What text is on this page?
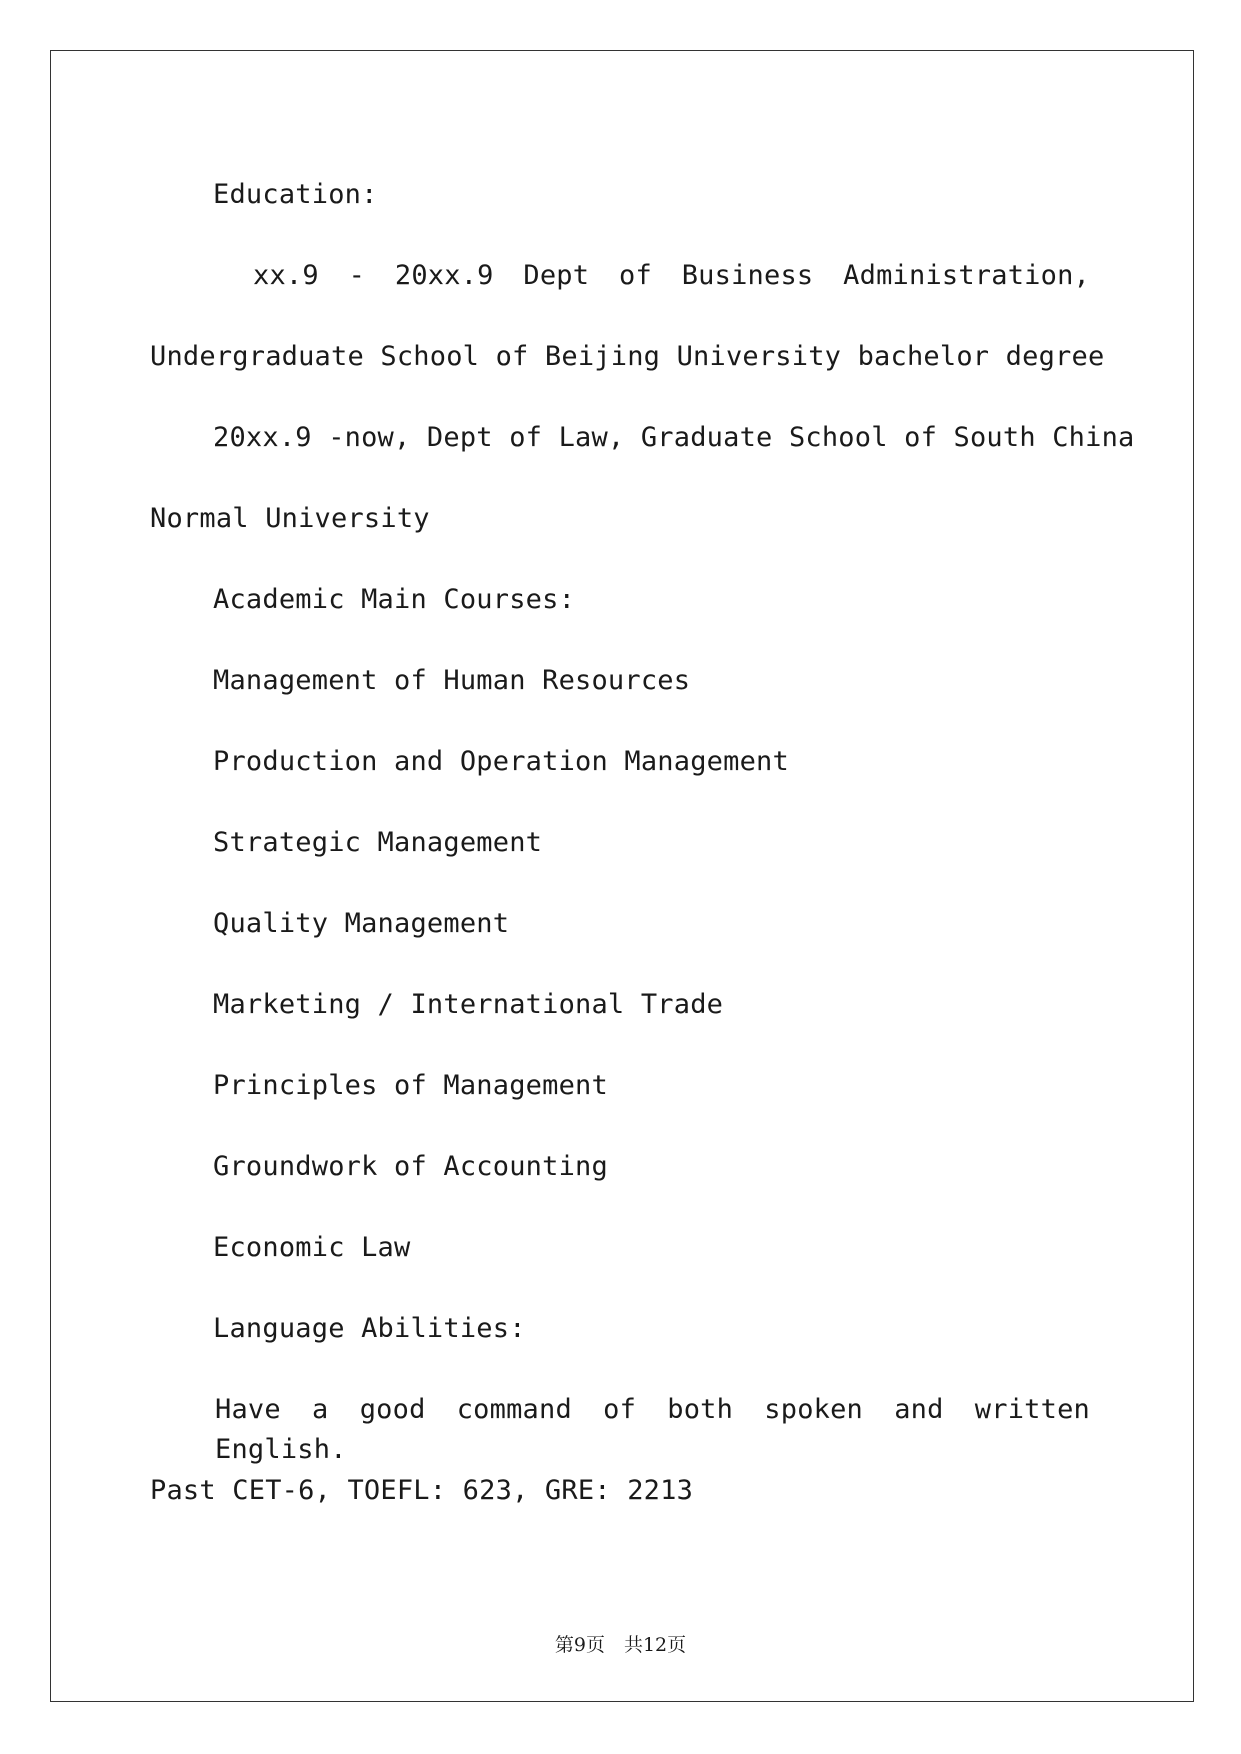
Education:
xx.9 - 20xx.9 Dept of Business Administration,
Undergraduate School of Beijing University bachelor degree
20xx.9 -now, Dept of Law, Graduate School of South China
Normal University
Academic Main Courses:
Management of Human Resources
Production and Operation Management
Strategic Management
Quality Management
Marketing / International Trade
Principles of Management
Groundwork of Accounting
Economic Law
Language Abilities:
Have a good command of both spoken and written English.
Past CET-6, TOEFL: 623, GRE: 2213
第9页　共12页
